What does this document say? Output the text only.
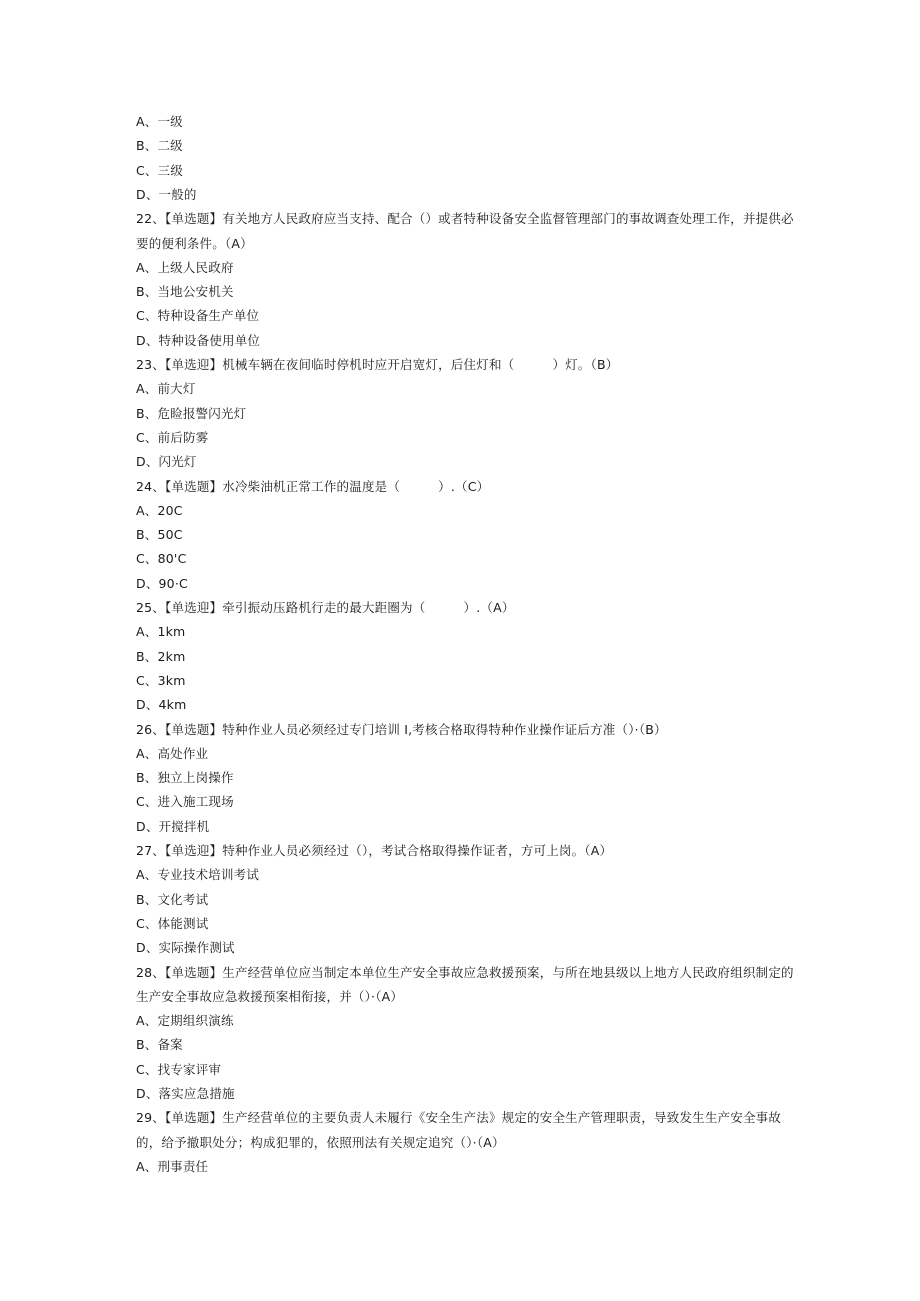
A、一级
B、二级
C、三级
D、一般的
22、【单选题】有关地方人民政府应当支持、配合（）或者特种设备安全监督管理部门的事故调查处理工作，并提供必
要的便利条件。（A）
A、上级人民政府
B、当地公安机关
C、特种设备生产单位
D、特种设备使用单位
23、【单选迎】机械车辆在夜间临时停机时应开启宽灯，后住灯和（　　　）灯。（B）
A、前大灯
B、危睑报警闪光灯
C、前后防雾
D、闪光灯
24、【单选题】水冷柴油机正常工作的温度是（　　　）.（C）
A、20C
B、50C
C、80'C
D、90·C
25、【单选迎】牵引振动压路机行走的最大距圈为（　　　）.（A）
A、1km
B、2km
C、3km
D、4km
26、【单选题】特种作业人员必须经过专门培训 I,考核合格取得特种作业操作证后方准（）·（B）
A、高处作业
B、独立上岗操作
C、进入施工现场
D、开搅拌机
27、【单选迎】特种作业人员必须经过（），考试合格取得操作证者，方可上岗。（A）
A、专业技术培训考试
B、文化考试
C、体能测试
D、实际操作测试
28、【单选题】生产经营单位应当制定本单位生产安全事故应急救援预案，与所在地县级以上地方人民政府组织制定的
生产安全事故应急救援预案相衔接，并（）·（A）
A、定期组织演练
B、备案
C、找专家评审
D、落实应急措施
29、【单选题】生产经营单位的主要负责人未履行《安全生产法》规定的安全生产管理职责，导致发生生产安全事故
的，给予撤职处分；构成犯罪的，依照刑法有关规定追究（）·（A）
A、刑事责任
